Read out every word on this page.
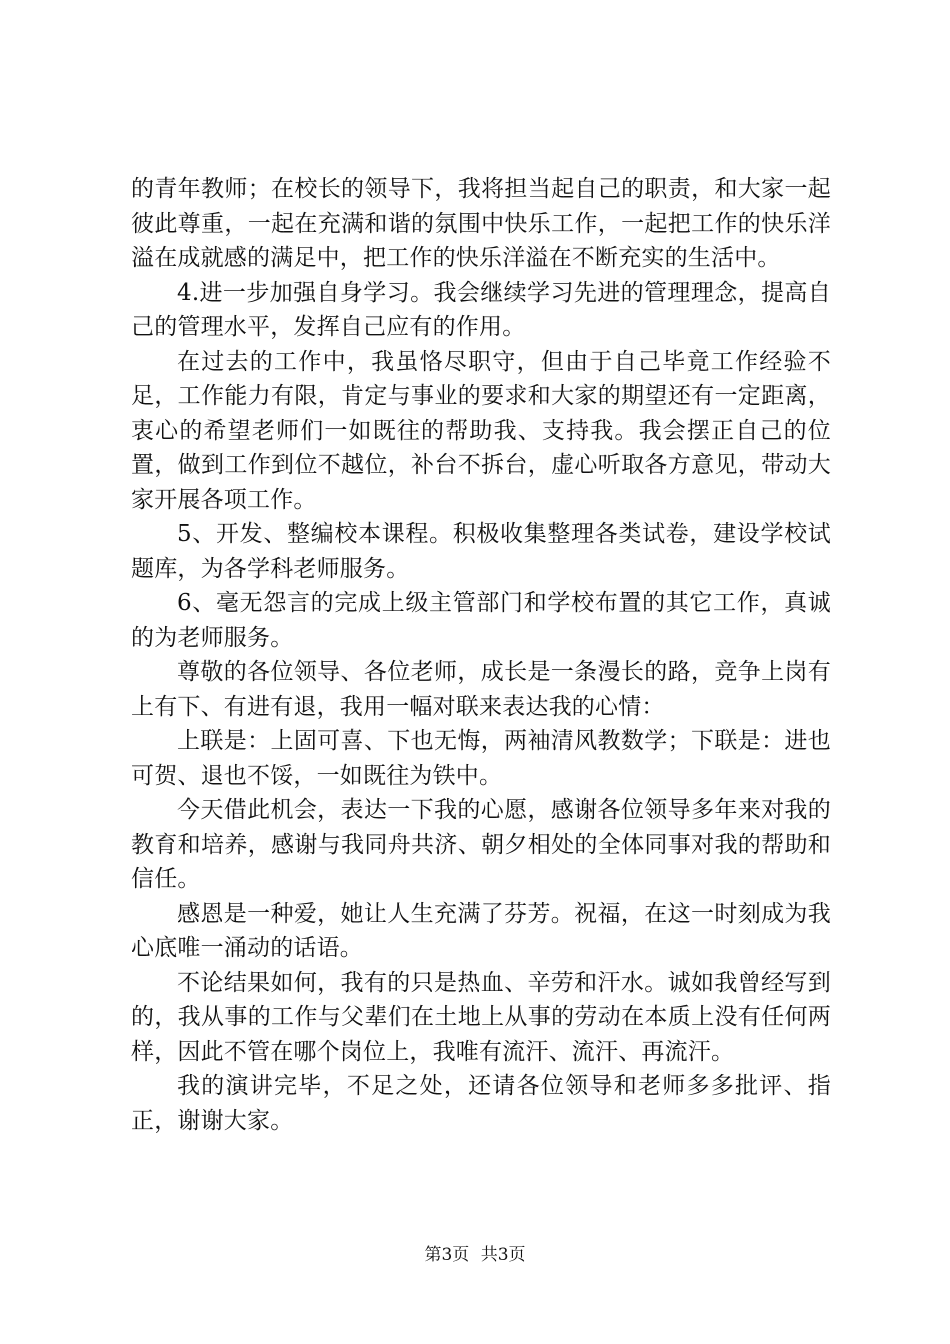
的青年教师；在校长的领导下，我将担当起自己的职责，和大家一起彼此尊重，一起在充满和谐的氛围中快乐工作，一起把工作的快乐洋溢在成就感的满足中，把工作的快乐洋溢在不断充实的生活中。

4.进一步加强自身学习。我会继续学习先进的管理理念，提高自己的管理水平，发挥自己应有的作用。

在过去的工作中，我虽恪尽职守，但由于自己毕竟工作经验不足，工作能力有限，肯定与事业的要求和大家的期望还有一定距离，衷心的希望老师们一如既往的帮助我、支持我。我会摆正自己的位置，做到工作到位不越位，补台不拆台，虚心听取各方意见，带动大家开展各项工作。

5、开发、整编校本课程。积极收集整理各类试卷，建设学校试题库，为各学科老师服务。

6、毫无怨言的完成上级主管部门和学校布置的其它工作，真诚的为老师服务。

尊敬的各位领导、各位老师，成长是一条漫长的路，竞争上岗有上有下、有进有退，我用一幅对联来表达我的心情：

上联是：上固可喜、下也无悔，两袖清风教数学；下联是：进也可贺、退也不馁，一如既往为铁中。

今天借此机会，表达一下我的心愿，感谢各位领导多年来对我的教育和培养，感谢与我同舟共济、朝夕相处的全体同事对我的帮助和信任。

感恩是一种爱，她让人生充满了芬芳。祝福，在这一时刻成为我心底唯一涌动的话语。

不论结果如何，我有的只是热血、辛劳和汗水。诚如我曾经写到的，我从事的工作与父辈们在土地上从事的劳动在本质上没有任何两样，因此不管在哪个岗位上，我唯有流汗、流汗、再流汗。

我的演讲完毕，不足之处，还请各位领导和老师多多批评、指正，谢谢大家。

第3页 共3页
